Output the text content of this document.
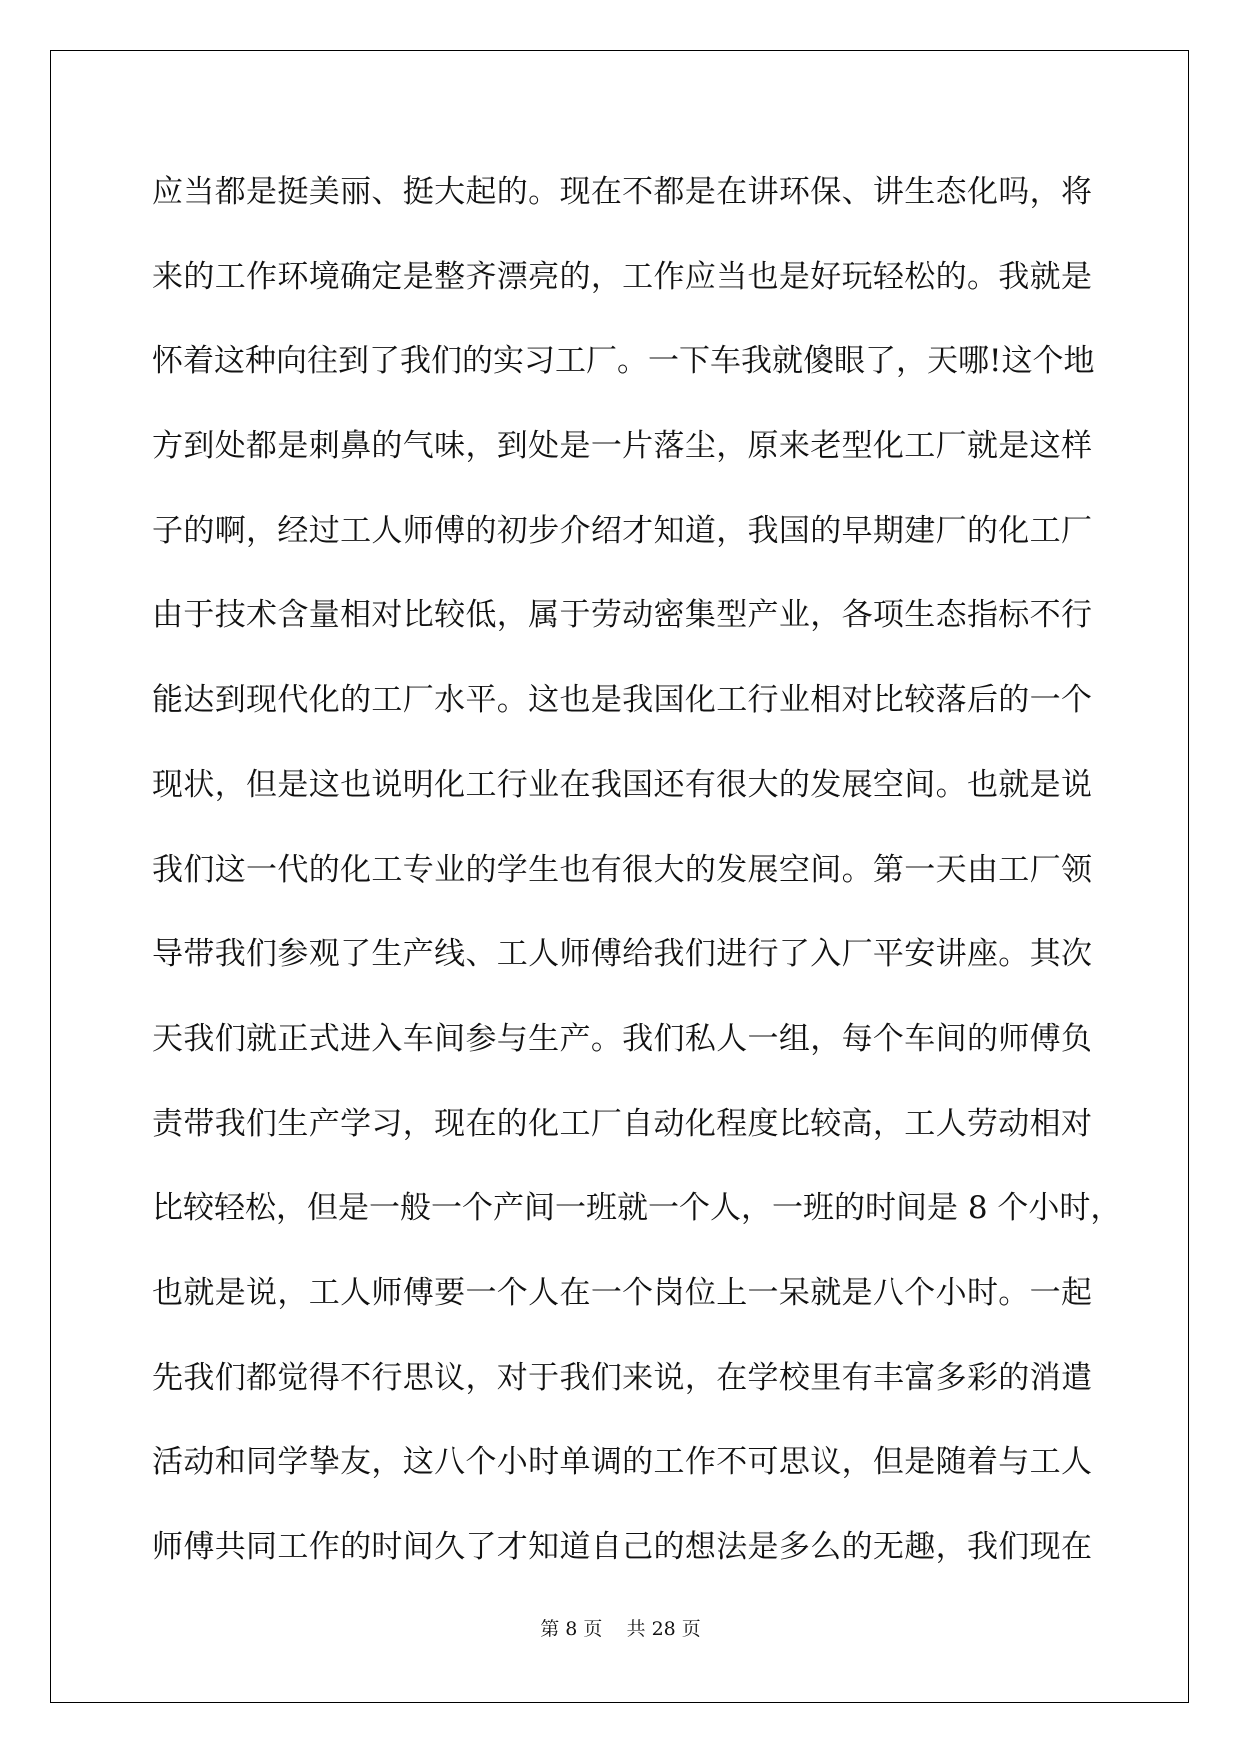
应当都是挺美丽、挺大起的。现在不都是在讲环保、讲生态化吗，将
来的工作环境确定是整齐漂亮的，工作应当也是好玩轻松的。我就是
怀着这种向往到了我们的实习工厂。一下车我就傻眼了，天哪!这个地
方到处都是刺鼻的气味，到处是一片落尘，原来老型化工厂就是这样
子的啊，经过工人师傅的初步介绍才知道，我国的早期建厂的化工厂
由于技术含量相对比较低，属于劳动密集型产业，各项生态指标不行
能达到现代化的工厂水平。这也是我国化工行业相对比较落后的一个
现状，但是这也说明化工行业在我国还有很大的发展空间。也就是说
我们这一代的化工专业的学生也有很大的发展空间。第一天由工厂领
导带我们参观了生产线、工人师傅给我们进行了入厂平安讲座。其次
天我们就正式进入车间参与生产。我们私人一组，每个车间的师傅负
责带我们生产学习，现在的化工厂自动化程度比较高，工人劳动相对
比较轻松，但是一般一个产间一班就一个人，一班的时间是 8 个小时，
也就是说，工人师傅要一个人在一个岗位上一呆就是八个小时。一起
先我们都觉得不行思议，对于我们来说，在学校里有丰富多彩的消遣
活动和同学挚友，这八个小时单调的工作不可思议，但是随着与工人
师傅共同工作的时间久了才知道自己的想法是多么的无趣，我们现在
第 8 页 共 28 页
